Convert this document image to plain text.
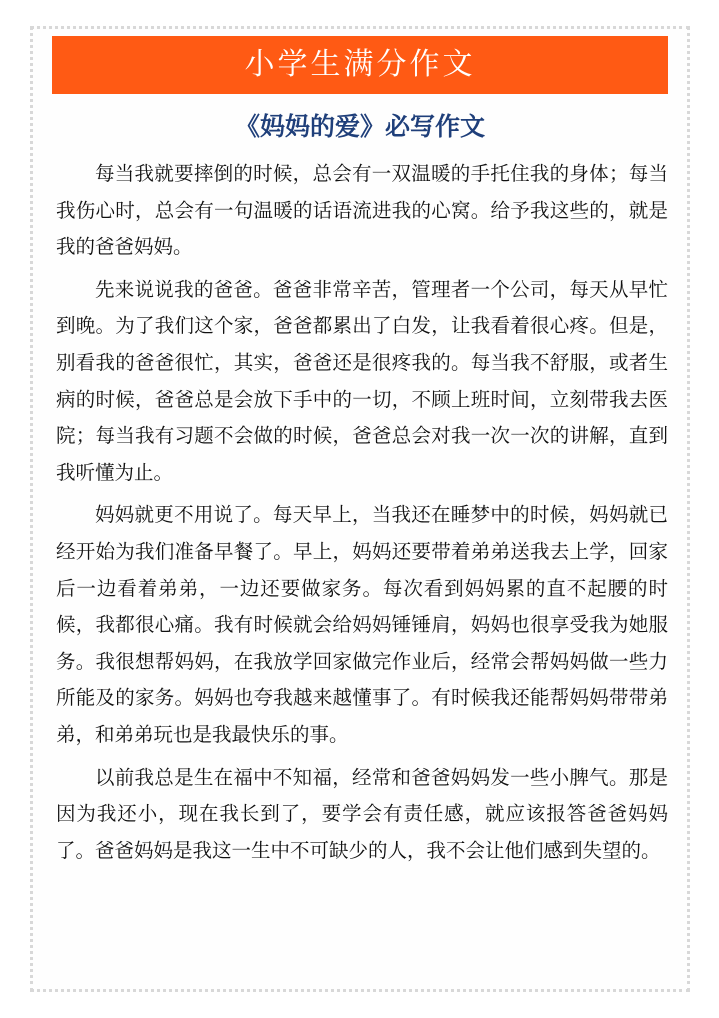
小学生满分作文
《妈妈的爱》必写作文

每当我就要摔倒的时候，总会有一双温暖的手托住我的身体；每当我伤心时，总会有一句温暖的话语流进我的心窝。给予我这些的，就是我的爸爸妈妈。

先来说说我的爸爸。爸爸非常辛苦，管理者一个公司，每天从早忙到晚。为了我们这个家，爸爸都累出了白发，让我看着很心疼。但是，别看我的爸爸很忙，其实，爸爸还是很疼我的。每当我不舒服，或者生病的时候，爸爸总是会放下手中的一切，不顾上班时间，立刻带我去医院；每当我有习题不会做的时候，爸爸总会对我一次一次的讲解，直到我听懂为止。

妈妈就更不用说了。每天早上，当我还在睡梦中的时候，妈妈就已经开始为我们准备早餐了。早上，妈妈还要带着弟弟送我去上学，回家后一边看着弟弟，一边还要做家务。每次看到妈妈累的直不起腰的时候，我都很心痛。我有时候就会给妈妈锤锤肩，妈妈也很享受我为她服务。我很想帮妈妈，在我放学回家做完作业后，经常会帮妈妈做一些力所能及的家务。妈妈也夸我越来越懂事了。有时候我还能帮妈妈带带弟弟，和弟弟玩也是我最快乐的事。

以前我总是生在福中不知福，经常和爸爸妈妈发一些小脾气。那是因为我还小，现在我长到了，要学会有责任感，就应该报答爸爸妈妈了。爸爸妈妈是我这一生中不可缺少的人，我不会让他们感到失望的。
